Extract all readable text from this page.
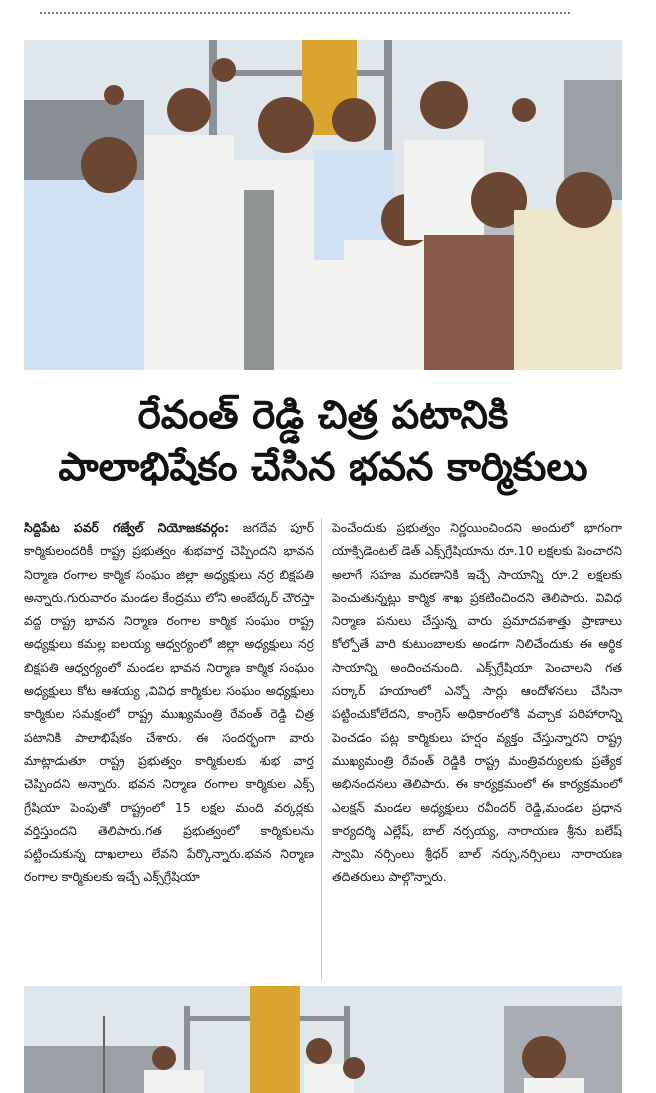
రేవంత్ రెడ్డి చిత్ర పటానికి
పాలాభిషేకం చేసిన భవన కార్మికులు

సిద్దిపేట పవర్ గజ్వేల్ నియోజకవర్గం: జగదేవ పూర్ కార్మికులందరికీ రాష్ట్ర ప్రభుత్వం శుభవార్త చెప్పిందని భావన నిర్మాణ రంగాల కార్మిక సంఘం జిల్లా అధ్యక్షులు నర్ర బిక్షపతి అన్నారు.గురువారం మండల కేంద్రము లోని అంబేద్కర్ చౌరస్తా వద్ద రాష్ట్ర భావన నిర్మాణ రంగాల కార్మిక సంఘం రాష్ట్ర అధ్యక్షులు కమల్ల ఐలయ్య ఆధ్వర్యంలో జిల్లా అధ్యక్షులు నర్ర బిక్షపతి ఆధ్వర్యంలో మండల భావన నిర్మాణ కార్మిక సంఘం అధ్యక్షులు కోట ఆశయ్య ,వివిధ కార్మికుల సంఘం అధ్యక్షులు కార్మికుల సమక్షంలో రాష్ట్ర ముఖ్యమంత్రి రేవంత్ రెడ్డి చిత్ర పటానికి పాలాభిషేకం చేశారు. ఈ సందర్భంగా వారు మాట్లాడుతూ రాష్ట్ర ప్రభుత్వం కార్మికులకు శుభ వార్త చెప్పిందని అన్నారు. భవన నిర్మాణ రంగాల కార్మికుల ఎక్స్ గ్రేషియా పెంపుతో రాష్ట్రంలో 15 లక్షల మంది వర్కర్లకు వర్తిస్తుందని తెలిపారు.గత ప్రభుత్వంలో కార్మికులను పట్టించుకున్న దాఖలాలు లేవని పేర్కొన్నారు.భవన నిర్మాణ రంగాల కార్మికులకు ఇచ్చే ఎక్స్‌గ్రేషియా

పెంచేందుకు ప్రభుత్వం నిర్ణయించిందని అందులో భాగంగా యాక్సిడెంటల్ డెత్ ఎక్స్‌గ్రేషియాను రూ.10 లక్షలకు పెంచారని అలాగే సహజ మరణానికి ఇచ్చే సాయాన్ని రూ.2 లక్షలకు పెంచుతున్నట్లు కార్మిక శాఖ ప్రకటించిందని తెలిపారు. వివిధ నిర్మాణ పనులు చేస్తున్న వారు ప్రమాదవశాత్తు ప్రాణాలు కోల్పోతే వారి కుటుంబాలకు అండగా నిలిచేందుకు ఈ ఆర్థిక సాయాన్ని అందించనుంది. ఎక్స్‌గ్రేషియా పెంచాలని గత సర్కార్ హయాంలో ఎన్నో సార్లు ఆందోళనలు చేసినా పట్టించుకోలేదని, కాంగ్రెస్ అధికారంలోకి వచ్చాక పరిహారాన్ని పెంచడం పట్ల కార్మికులు హర్షం వ్యక్తం చేస్తున్నారని రాష్ట్ర ముఖ్యమంత్రి రేవంత్ రెడ్డికి రాష్ట్ర మంత్రివర్యులకు ప్రత్యేక అభినందనలు తెలిపారు. ఈ కార్యక్రమంలో ఈ కార్యక్రమంలో ఎలక్షన్ మండల అధ్యక్షులు రవీందర్ రెడ్డి,మండల ప్రధాన కార్యదర్శి ఎల్లేష్, బాల్ నర్సయ్య, నారాయణ శ్రీను బలేష్ స్వామి నర్సింలు శ్రీధర్ బాల్ నర్సు,నర్సింలు నారాయణ తదితరులు పాల్గొన్నారు.
